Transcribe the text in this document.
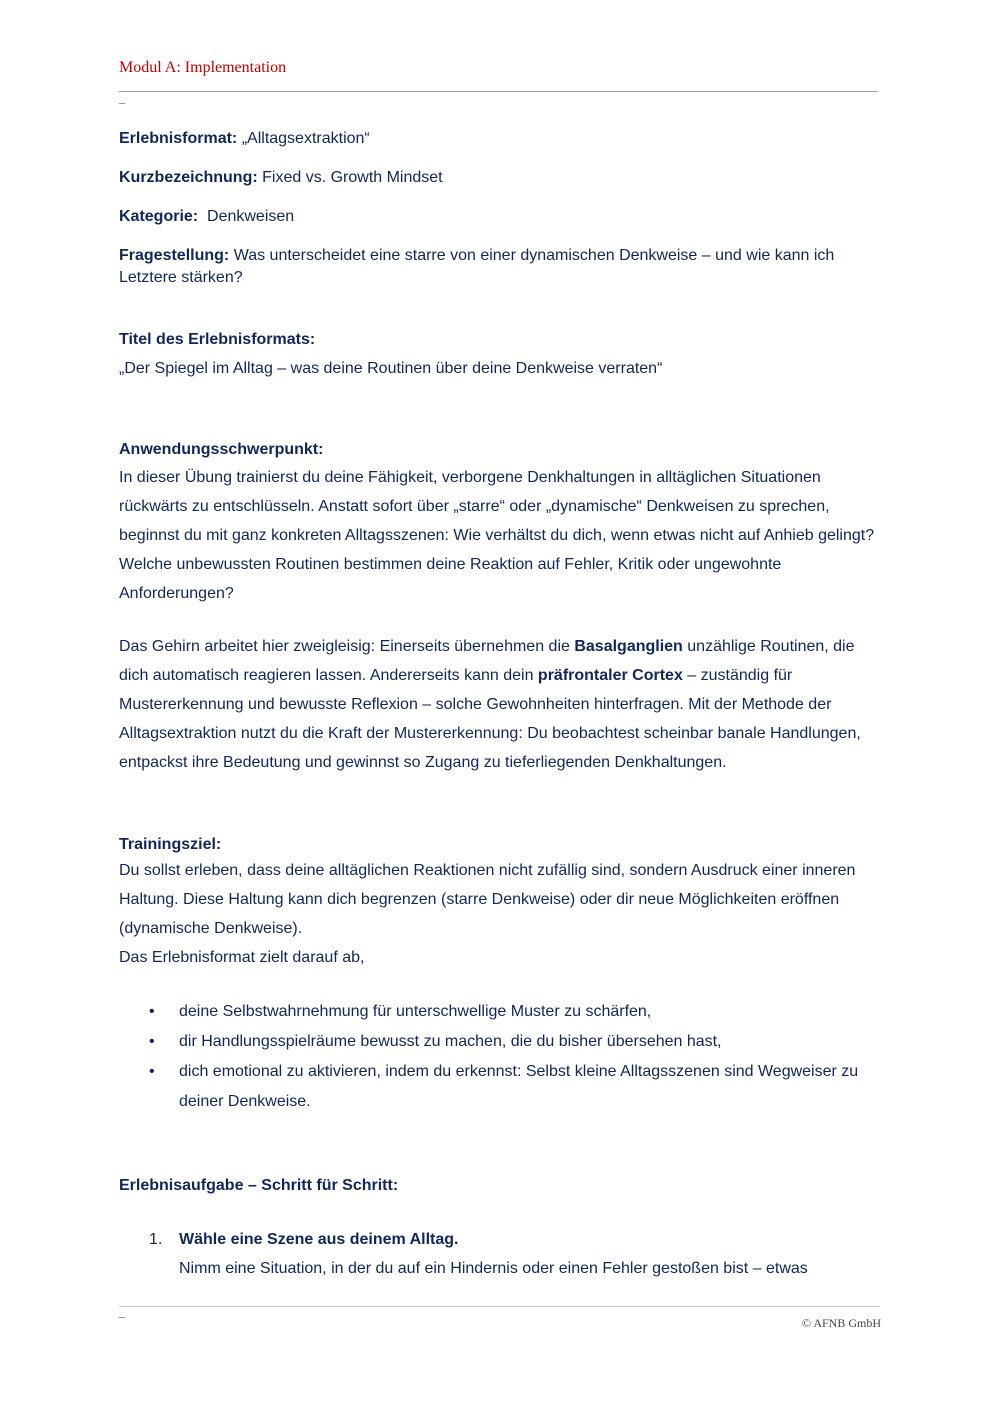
Modul A: Implementation

Erlebnisformat: „Alltagsextraktion“

Kurzbezeichnung: Fixed vs. Growth Mindset

Kategorie: Denkweisen

Fragestellung: Was unterscheidet eine starre von einer dynamischen Denkweise – und wie kann ich Letztere stärken?

Titel des Erlebnisformats:

„Der Spiegel im Alltag – was deine Routinen über deine Denkweise verraten“

Anwendungsschwerpunkt:

In dieser Übung trainierst du deine Fähigkeit, verborgene Denkhaltungen in alltäglichen Situationen rückwärts zu entschlüsseln. Anstatt sofort über „starre“ oder „dynamische“ Denkweisen zu sprechen, beginnst du mit ganz konkreten Alltagsszenen: Wie verhältst du dich, wenn etwas nicht auf Anhieb gelingt? Welche unbewussten Routinen bestimmen deine Reaktion auf Fehler, Kritik oder ungewohnte Anforderungen?

Das Gehirn arbeitet hier zweigleisig: Einerseits übernehmen die Basalganglien unzählige Routinen, die dich automatisch reagieren lassen. Andererseits kann dein präfrontaler Cortex – zuständig für Mustererkennung und bewusste Reflexion – solche Gewohnheiten hinterfragen. Mit der Methode der Alltagsextraktion nutzt du die Kraft der Mustererkennung: Du beobachtest scheinbar banale Handlungen, entpackst ihre Bedeutung und gewinnst so Zugang zu tieferliegenden Denkhaltungen.

Trainingsziel:

Du sollst erleben, dass deine alltäglichen Reaktionen nicht zufällig sind, sondern Ausdruck einer inneren Haltung. Diese Haltung kann dich begrenzen (starre Denkweise) oder dir neue Möglichkeiten eröffnen (dynamische Denkweise).

Das Erlebnisformat zielt darauf ab,

• deine Selbstwahrnehmung für unterschwellige Muster zu schärfen,
• dir Handlungsspielräume bewusst zu machen, die du bisher übersehen hast,
• dich emotional zu aktivieren, indem du erkennst: Selbst kleine Alltagsszenen sind Wegweiser zu deiner Denkweise.

Erlebnisaufgabe – Schritt für Schritt:

1. Wähle eine Szene aus deinem Alltag.
Nimm eine Situation, in der du auf ein Hindernis oder einen Fehler gestoßen bist – etwas
© AFNB GmbH
